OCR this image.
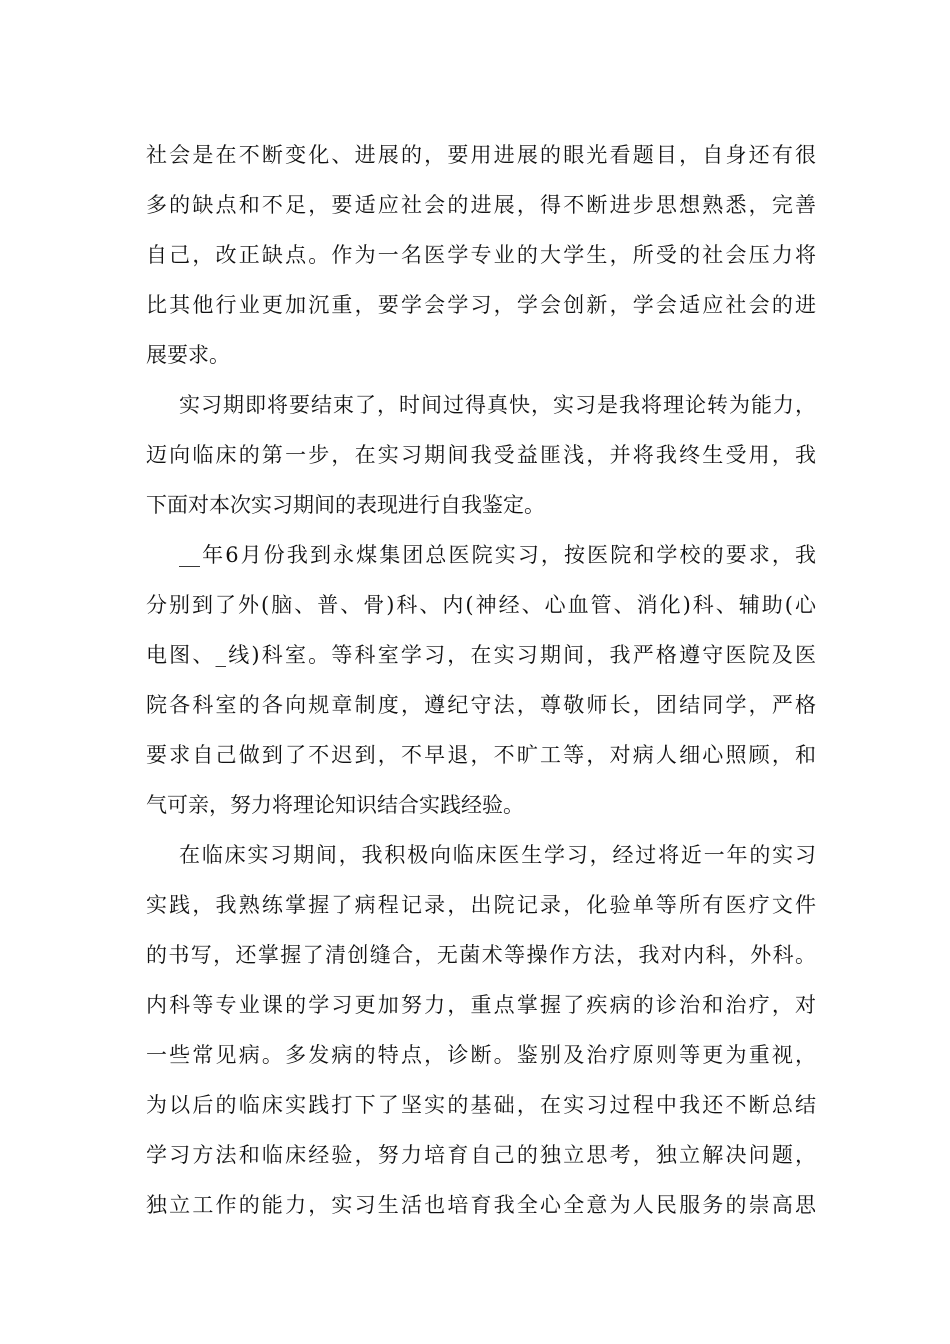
社会是在不断变化、进展的，要用进展的眼光看题目，自身还有很
多的缺点和不足，要适应社会的进展，得不断进步思想熟悉，完善
自己，改正缺点。作为一名医学专业的大学生，所受的社会压力将
比其他行业更加沉重，要学会学习，学会创新，学会适应社会的进
展要求。
实习期即将要结束了，时间过得真快，实习是我将理论转为能力，
迈向临床的第一步，在实习期间我受益匪浅，并将我终生受用，我
下面对本次实习期间的表现进行自我鉴定。
__年6月份我到永煤集团总医院实习，按医院和学校的要求，我
分别到了外(脑、普、骨)科、内(神经、心血管、消化)科、辅助(心
电图、_线)科室。等科室学习，在实习期间，我严格遵守医院及医
院各科室的各向规章制度，遵纪守法，尊敬师长，团结同学，严格
要求自己做到了不迟到，不早退，不旷工等，对病人细心照顾，和
气可亲，努力将理论知识结合实践经验。
在临床实习期间，我积极向临床医生学习，经过将近一年的实习
实践，我熟练掌握了病程记录，出院记录，化验单等所有医疗文件
的书写，还掌握了清创缝合，无菌术等操作方法，我对内科，外科。
内科等专业课的学习更加努力，重点掌握了疾病的诊治和治疗，对
一些常见病。多发病的特点，诊断。鉴别及治疗原则等更为重视，
为以后的临床实践打下了坚实的基础，在实习过程中我还不断总结
学习方法和临床经验，努力培育自己的独立思考，独立解决问题，
独立工作的能力，实习生活也培育我全心全意为人民服务的崇高思
